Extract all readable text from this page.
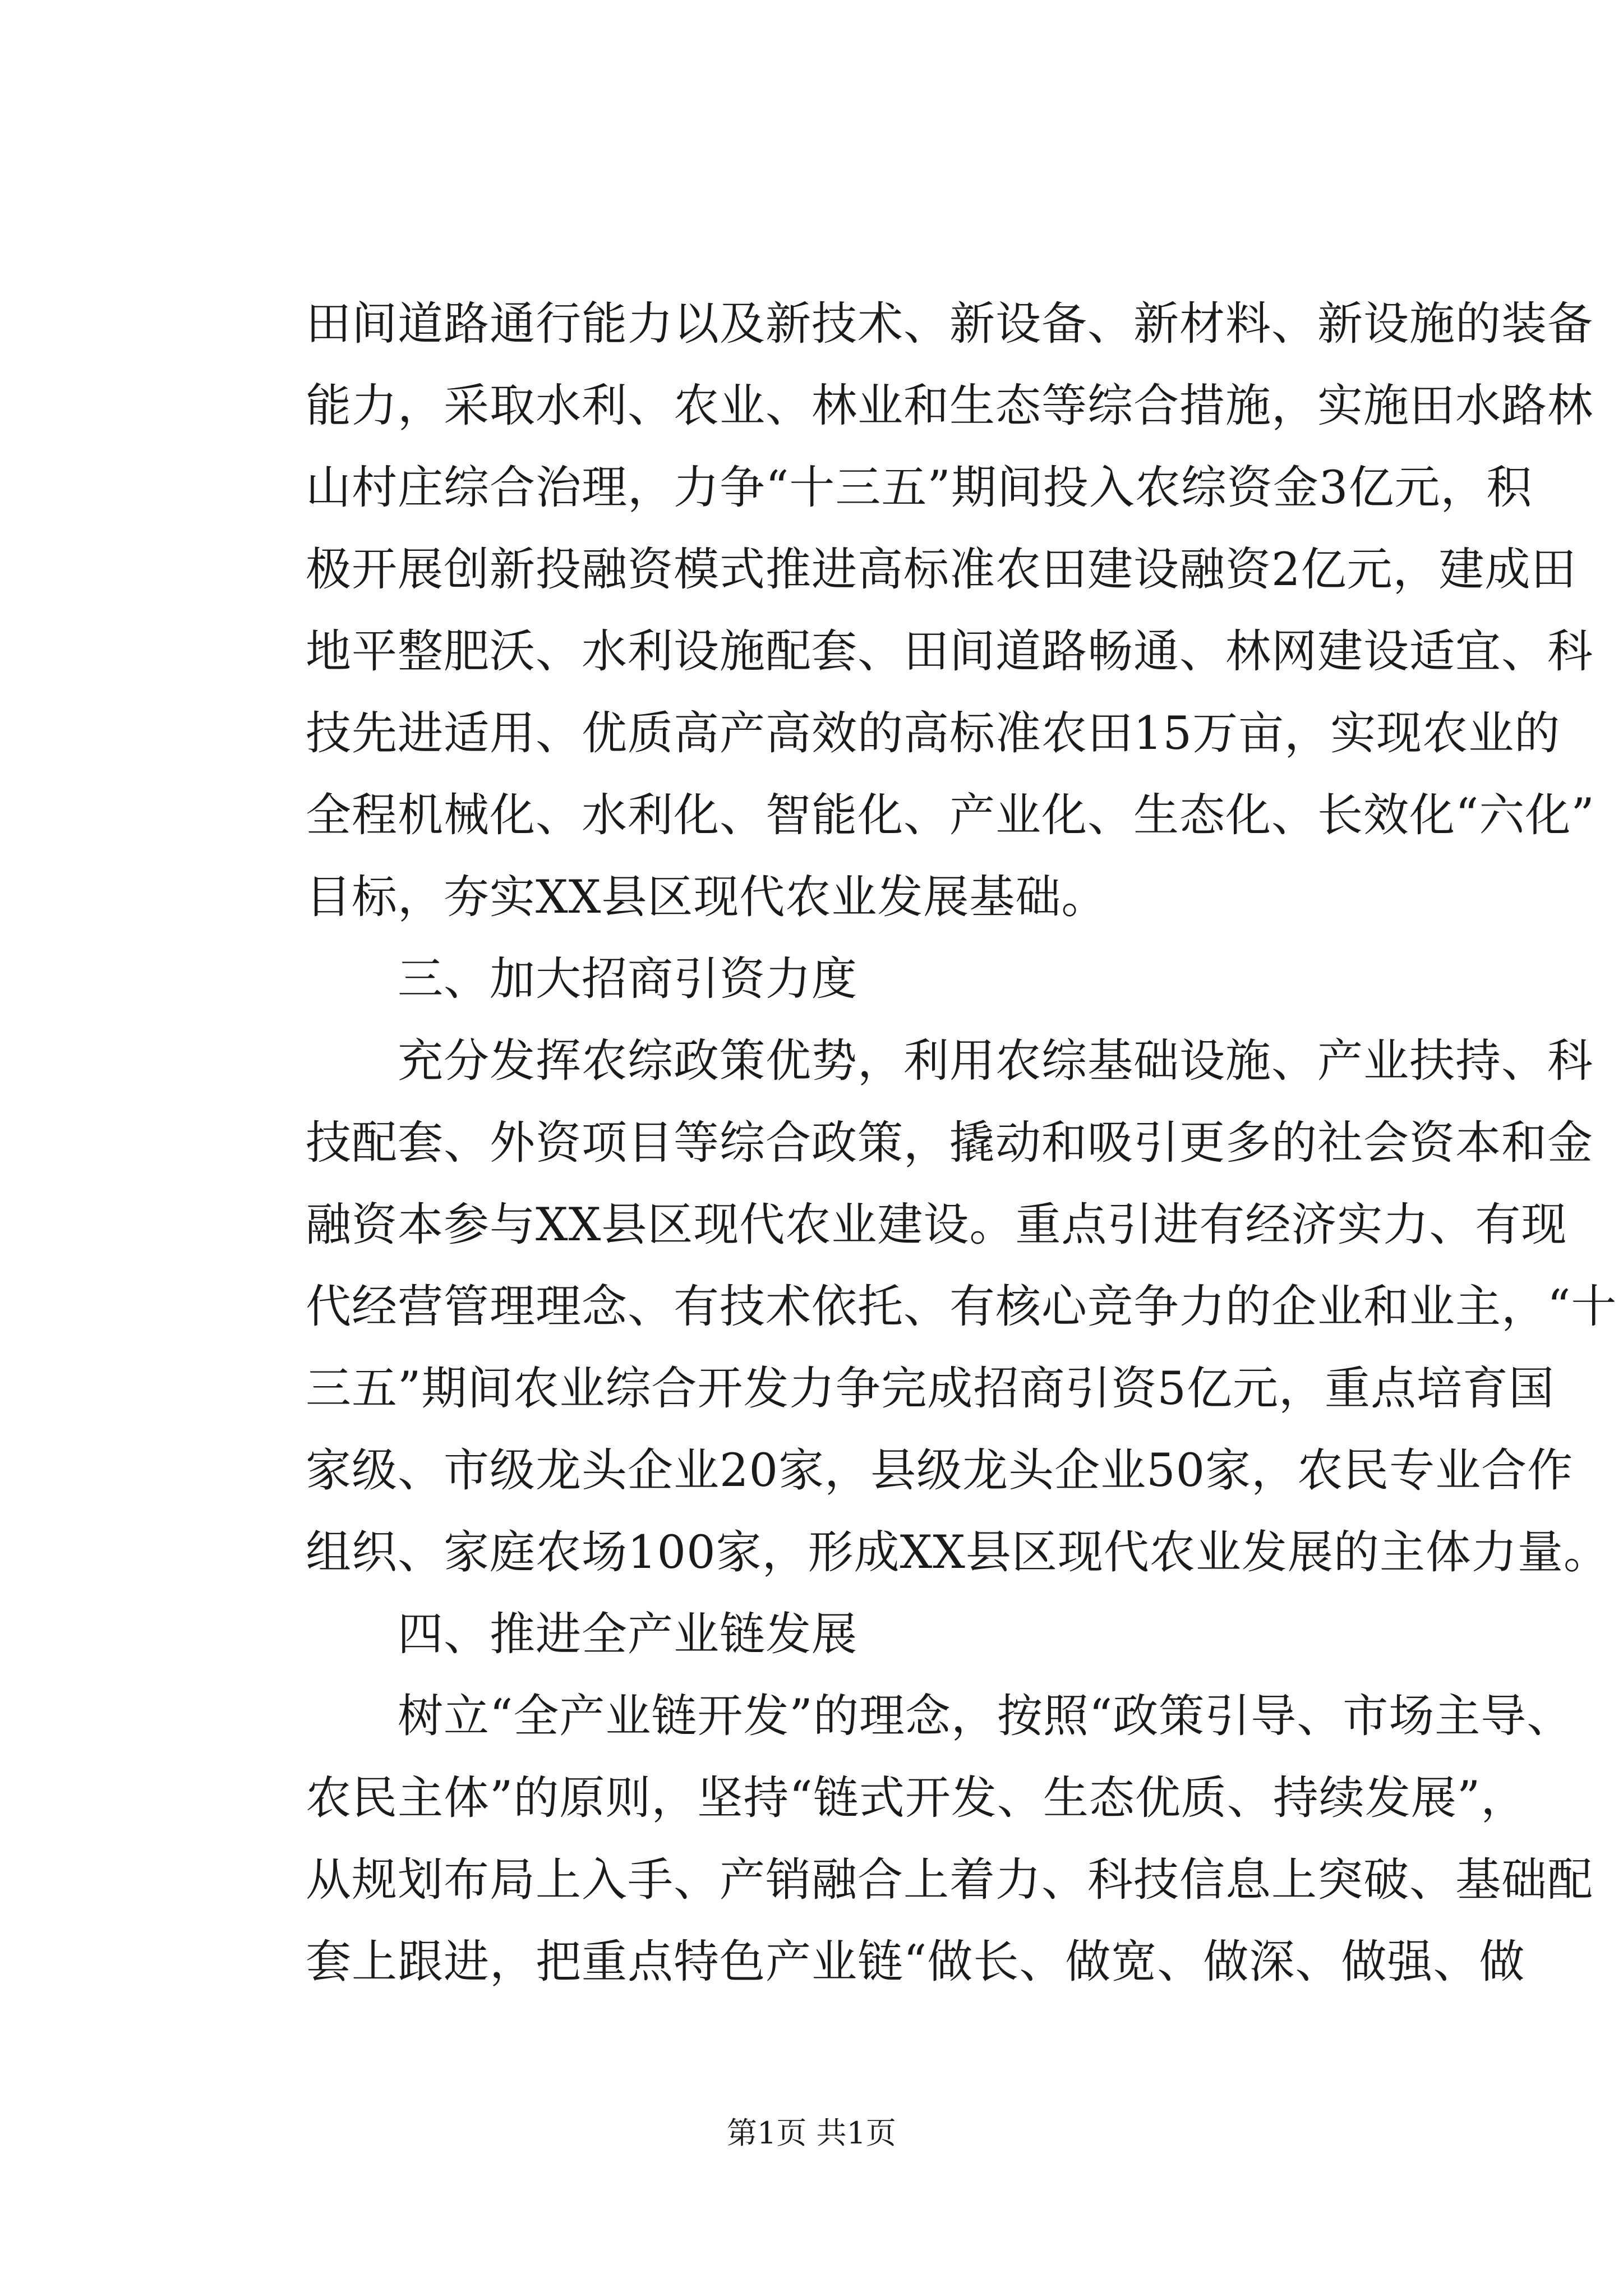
田间道路通行能力以及新技术、新设备、新材料、新设施的装备
能力，采取水利、农业、林业和生态等综合措施，实施田水路林
山村庄综合治理，力争“十三五”期间投入农综资金3亿元，积
极开展创新投融资模式推进高标准农田建设融资2亿元，建成田
地平整肥沃、水利设施配套、田间道路畅通、林网建设适宜、科
技先进适用、优质高产高效的高标准农田15万亩，实现农业的
全程机械化、水利化、智能化、产业化、生态化、长效化“六化”
目标，夯实XX县区现代农业发展基础。
　　三、加大招商引资力度
　　充分发挥农综政策优势，利用农综基础设施、产业扶持、科
技配套、外资项目等综合政策，撬动和吸引更多的社会资本和金
融资本参与XX县区现代农业建设。重点引进有经济实力、有现
代经营管理理念、有技术依托、有核心竞争力的企业和业主，“十
三五”期间农业综合开发力争完成招商引资5亿元，重点培育国
家级、市级龙头企业20家，县级龙头企业50家，农民专业合作
组织、家庭农场100家，形成XX县区现代农业发展的主体力量。
　　四、推进全产业链发展
　　树立“全产业链开发”的理念，按照“政策引导、市场主导、
农民主体”的原则，坚持“链式开发、生态优质、持续发展”，
从规划布局上入手、产销融合上着力、科技信息上突破、基础配
套上跟进，把重点特色产业链“做长、做宽、做深、做强、做
第1页 共1页
